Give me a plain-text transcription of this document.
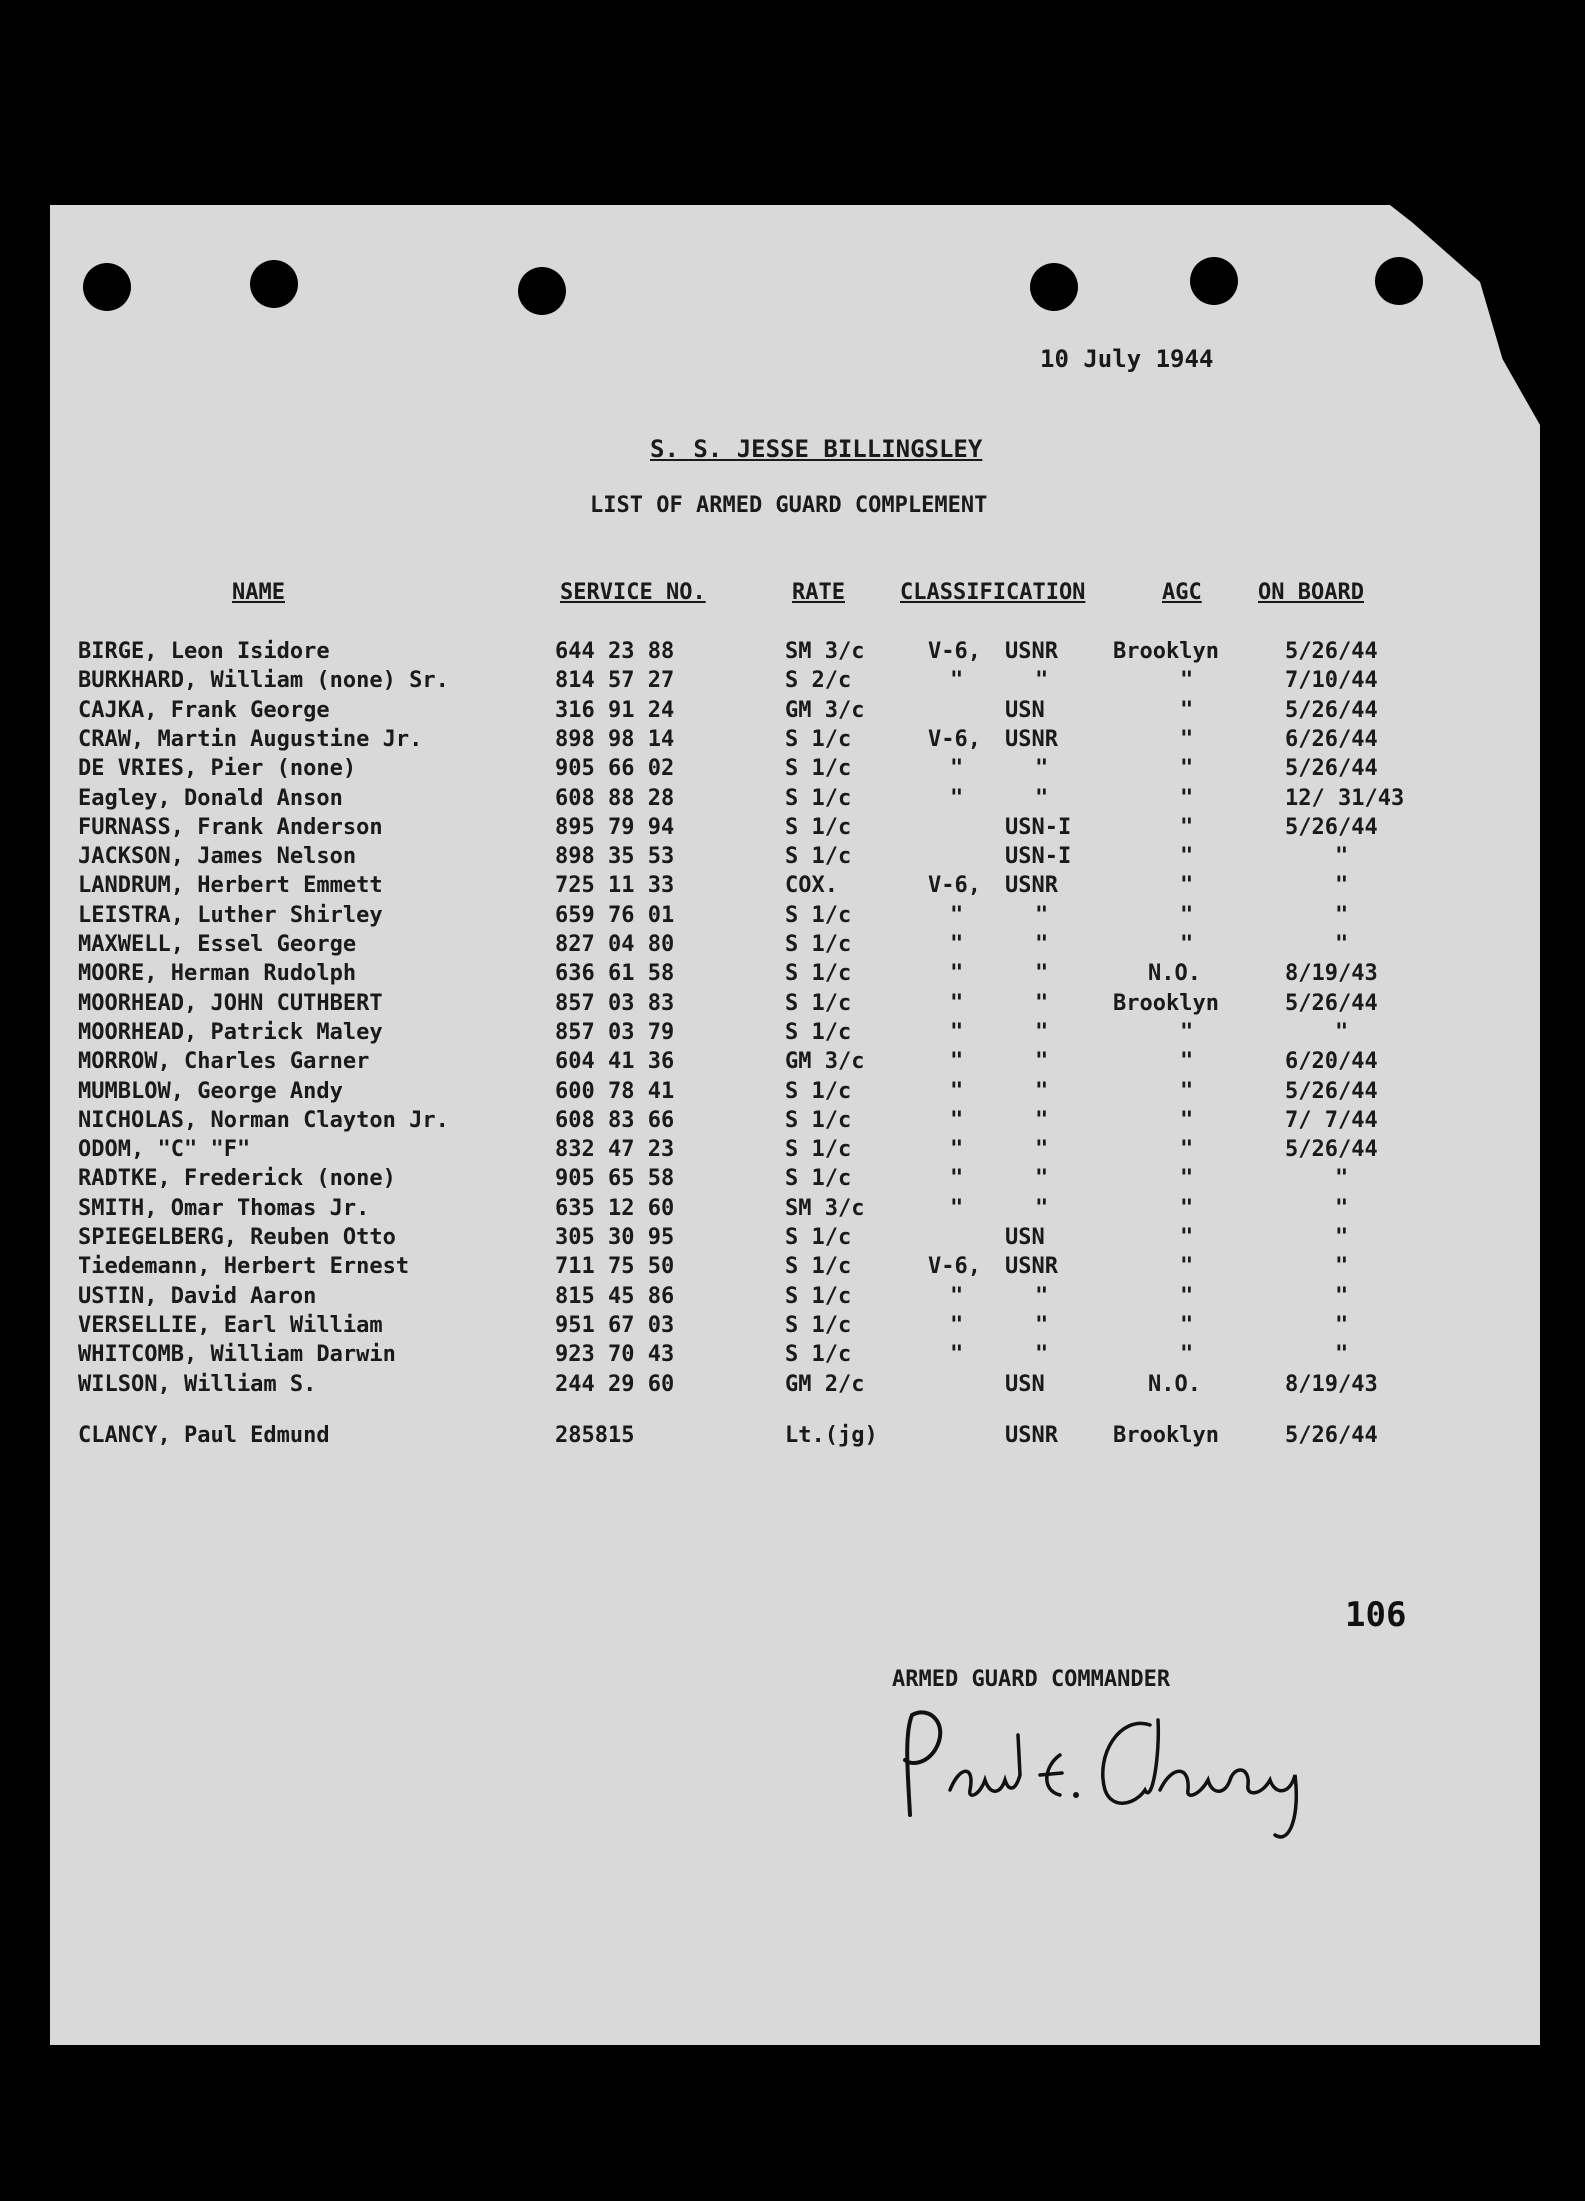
10 July 1944
S. S. JESSE BILLINGSLEY
LIST OF ARMED GUARD COMPLEMENT
NAME	SERVICE NO.	RATE	CLASSIFICATION	AGC	ON BOARD
BIRGE, Leon Isidore	644 23 88	SM 3/c	V-6, USNR	Brooklyn	5/26/44
BURKHARD, William (none) Sr.	814 57 27	S 2/c	"	"	"	7/10/44
CAJKA, Frank George	316 91 24	GM 3/c	USN	"	5/26/44
CRAW, Martin Augustine Jr.	898 98 14	S 1/c	V-6, USNR	"	6/26/44
DE VRIES, Pier (none)	905 66 02	S 1/c	"	"	"	5/26/44
Eagley, Donald Anson	608 88 28	S 1/c	"	"	"	12/ 31/43
FURNASS, Frank Anderson	895 79 94	S 1/c	USN-I	"	5/26/44
JACKSON, James Nelson	898 35 53	S 1/c	USN-I	"	"
LANDRUM, Herbert Emmett	725 11 33	COX.	V-6, USNR	"	"
LEISTRA, Luther Shirley	659 76 01	S 1/c	"	"	"	"
MAXWELL, Essel George	827 04 80	S 1/c	"	"	"	"
MOORE, Herman Rudolph	636 61 58	S 1/c	"	"	N.O.	8/19/43
MOORHEAD, JOHN CUTHBERT	857 03 83	S 1/c	"	"	Brooklyn	5/26/44
MOORHEAD, Patrick Maley	857 03 79	S 1/c	"	"	"	"
MORROW, Charles Garner	604 41 36	GM 3/c	"	"	"	6/20/44
MUMBLOW, George Andy	600 78 41	S 1/c	"	"	"	5/26/44
NICHOLAS, Norman Clayton Jr.	608 83 66	S 1/c	"	"	"	7/ 7/44
ODOM, "C" "F"	832 47 23	S 1/c	"	"	"	5/26/44
RADTKE, Frederick (none)	905 65 58	S 1/c	"	"	"	"
SMITH, Omar Thomas Jr.	635 12 60	SM 3/c	"	"	"	"
SPIEGELBERG, Reuben Otto	305 30 95	S 1/c	USN	"	"
Tiedemann, Herbert Ernest	711 75 50	S 1/c	V-6, USNR	"	"
USTIN, David Aaron	815 45 86	S 1/c	"	"	"	"
VERSELLIE, Earl William	951 67 03	S 1/c	"	"	"	"
WHITCOMB, William Darwin	923 70 43	S 1/c	"	"	"	"
WILSON, William S.	244 29 60	GM 2/c	USN	N.O.	8/19/43
CLANCY, Paul Edmund	285815	Lt.(jg)	USNR	Brooklyn	5/26/44
106
ARMED GUARD COMMANDER
Paul E. Clancy
